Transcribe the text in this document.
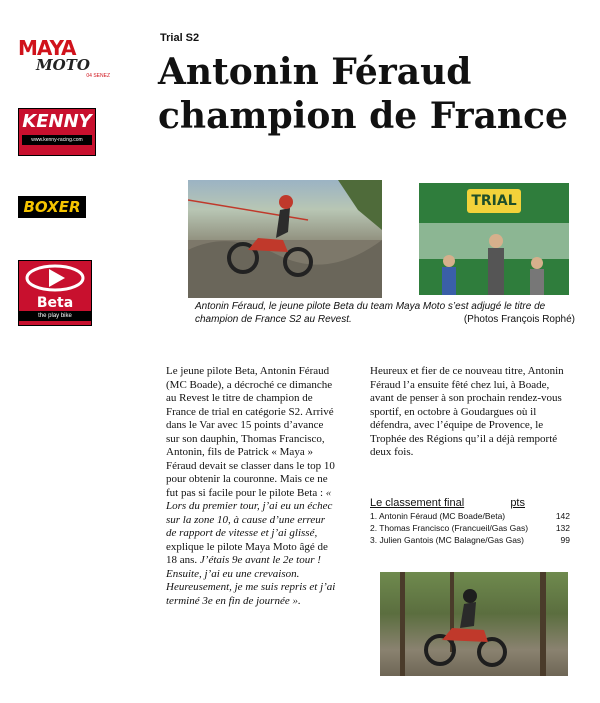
MAYA
MOTO
04 SENEZ
KENNY
www.kenny-racing.com
BOXER
Beta
the play bike
Trial S2
Antonin Féraud champion de France
TRIAL
Antonin Féraud, le jeune pilote Beta du team Maya Moto s’est adjugé le titre de champion de France S2 au Revest.	(Photos François Rophé)
Le jeune pilote Beta, Antonin Féraud (MC Boade), a décroché ce dimanche au Revest le titre de champion de France de trial en catégorie S2. Arrivé dans le Var avec 15 points d’avance sur son dauphin, Thomas Francisco, Antonin, fils de Patrick « Maya » Féraud devait se classer dans le top 10 pour obtenir la couronne. Mais ce ne fut pas si facile pour le pilote Beta : « Lors du premier tour, j’ai eu un échec sur la zone 10, à cause d’une erreur de rapport de vitesse et j’ai glissé, explique le pilote Maya Moto âgé de 18 ans. J’étais 9e avant le 2e tour ! Ensuite, j’ai eu une crevaison. Heureusement, je me suis repris et j’ai terminé 3e en fin de journée ».
Heureux et fier de ce nouveau titre, Antonin Féraud l’a ensuite fêté chez lui, à Boade, avant de penser à son prochain rendez-vous sportif, en octobre à Goudargues où il défendra, avec l’équipe de Provence, le Trophée des Régions qu’il a déjà remporté deux fois.
Le classement final	pts
1. Antonin Féraud (MC Boade/Beta)	142
2. Thomas Francisco (Francueil/Gas Gas)	132
3. Julien Gantois (MC Balagne/Gas Gas)	99
